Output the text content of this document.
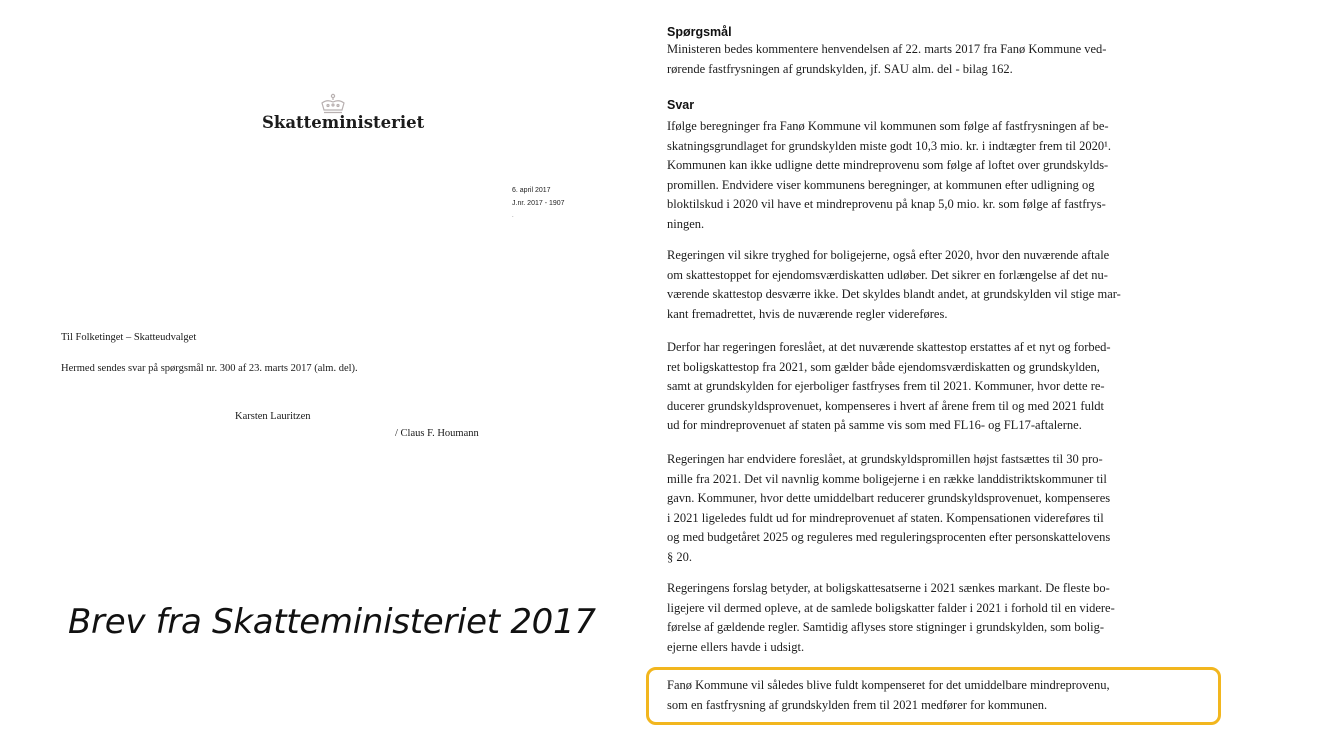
Skatteministeriet
6. april 2017
J.nr. 2017 - 1907
.
Til Folketinget – Skatteudvalget
Hermed sendes svar på spørgsmål nr. 300 af 23. marts 2017 (alm. del).
Karsten Lauritzen
/ Claus F. Houmann
Brev fra Skatteministeriet 2017
Spørgsmål
Ministeren bedes kommentere henvendelsen af 22. marts 2017 fra Fanø Kommune ved-
rørende fastfrysningen af grundskylden, jf. SAU alm. del - bilag 162.
Svar
Ifølge beregninger fra Fanø Kommune vil kommunen som følge af fastfrysningen af be-
skatningsgrundlaget for grundskylden miste godt 10,3 mio. kr. i indtægter frem til 2020¹.
Kommunen kan ikke udligne dette mindreprovenu som følge af loftet over grundskylds-
promillen. Endvidere viser kommunens beregninger, at kommunen efter udligning og
bloktilskud i 2020 vil have et mindreprovenu på knap 5,0 mio. kr. som følge af fastfrys-
ningen.
Regeringen vil sikre tryghed for boligejerne, også efter 2020, hvor den nuværende aftale
om skattestoppet for ejendomsværdiskatten udløber. Det sikrer en forlængelse af det nu-
værende skattestop desværre ikke. Det skyldes blandt andet, at grundskylden vil stige mar-
kant fremadrettet, hvis de nuværende regler videreføres.
Derfor har regeringen foreslået, at det nuværende skattestop erstattes af et nyt og forbed-
ret boligskattestop fra 2021, som gælder både ejendomsværdiskatten og grundskylden,
samt at grundskylden for ejerboliger fastfryses frem til 2021. Kommuner, hvor dette re-
ducerer grundskyldsprovenuet, kompenseres i hvert af årene frem til og med 2021 fuldt
ud for mindreprovenuet af staten på samme vis som med FL16- og FL17-aftalerne.
Regeringen har endvidere foreslået, at grundskyldspromillen højst fastsættes til 30 pro-
mille fra 2021. Det vil navnlig komme boligejerne i en række landdistriktskommuner til
gavn. Kommuner, hvor dette umiddelbart reducerer grundskyldsprovenuet, kompenseres
i 2021 ligeledes fuldt ud for mindreprovenuet af staten. Kompensationen videreføres til
og med budgetåret 2025 og reguleres med reguleringsprocenten efter personskattelovens
§ 20.
Regeringens forslag betyder, at boligskattesatserne i 2021 sænkes markant. De fleste bo-
ligejere vil dermed opleve, at de samlede boligskatter falder i 2021 i forhold til en videre-
førelse af gældende regler. Samtidig aflyses store stigninger i grundskylden, som bolig-
ejerne ellers havde i udsigt.
Fanø Kommune vil således blive fuldt kompenseret for det umiddelbare mindreprovenu,
som en fastfrysning af grundskylden frem til 2021 medfører for kommunen.
